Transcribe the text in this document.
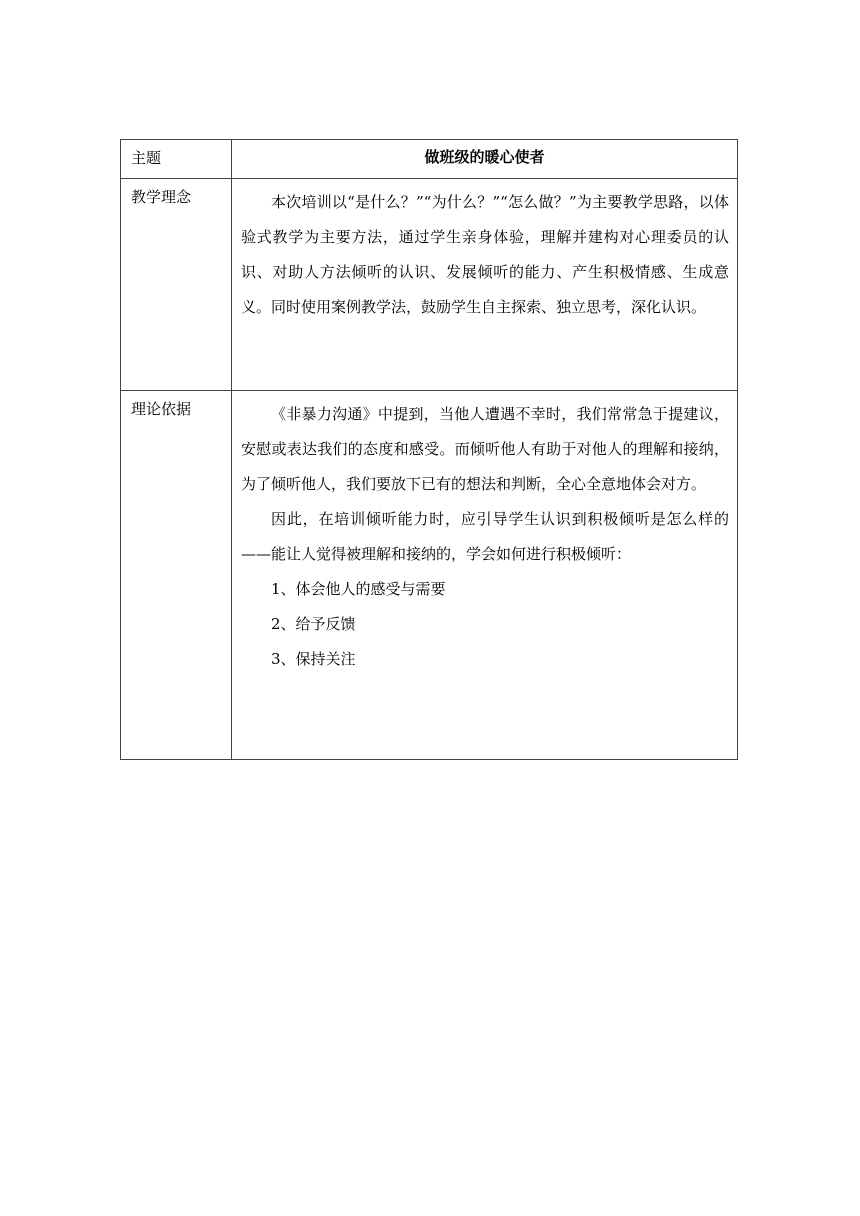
主题	做班级的暖心使者
教学理念	本次培训以“是什么？”“为什么？”“怎么做？”为主要教学思路，以体验式教学为主要方法，通过学生亲身体验，理解并建构对心理委员的认识、对助人方法倾听的认识、发展倾听的能力、产生积极情感、生成意义。同时使用案例教学法，鼓励学生自主探索、独立思考，深化认识。

理论依据	《非暴力沟通》中提到，当他人遭遇不幸时，我们常常急于提建议，安慰或表达我们的态度和感受。而倾听他人有助于对他人的理解和接纳，为了倾听他人，我们要放下已有的想法和判断，全心全意地体会对方。

因此，在培训倾听能力时，应引导学生认识到积极倾听是怎么样的——能让人觉得被理解和接纳的，学会如何进行积极倾听：

1、体会他人的感受与需要

2、给予反馈

3、保持关注
